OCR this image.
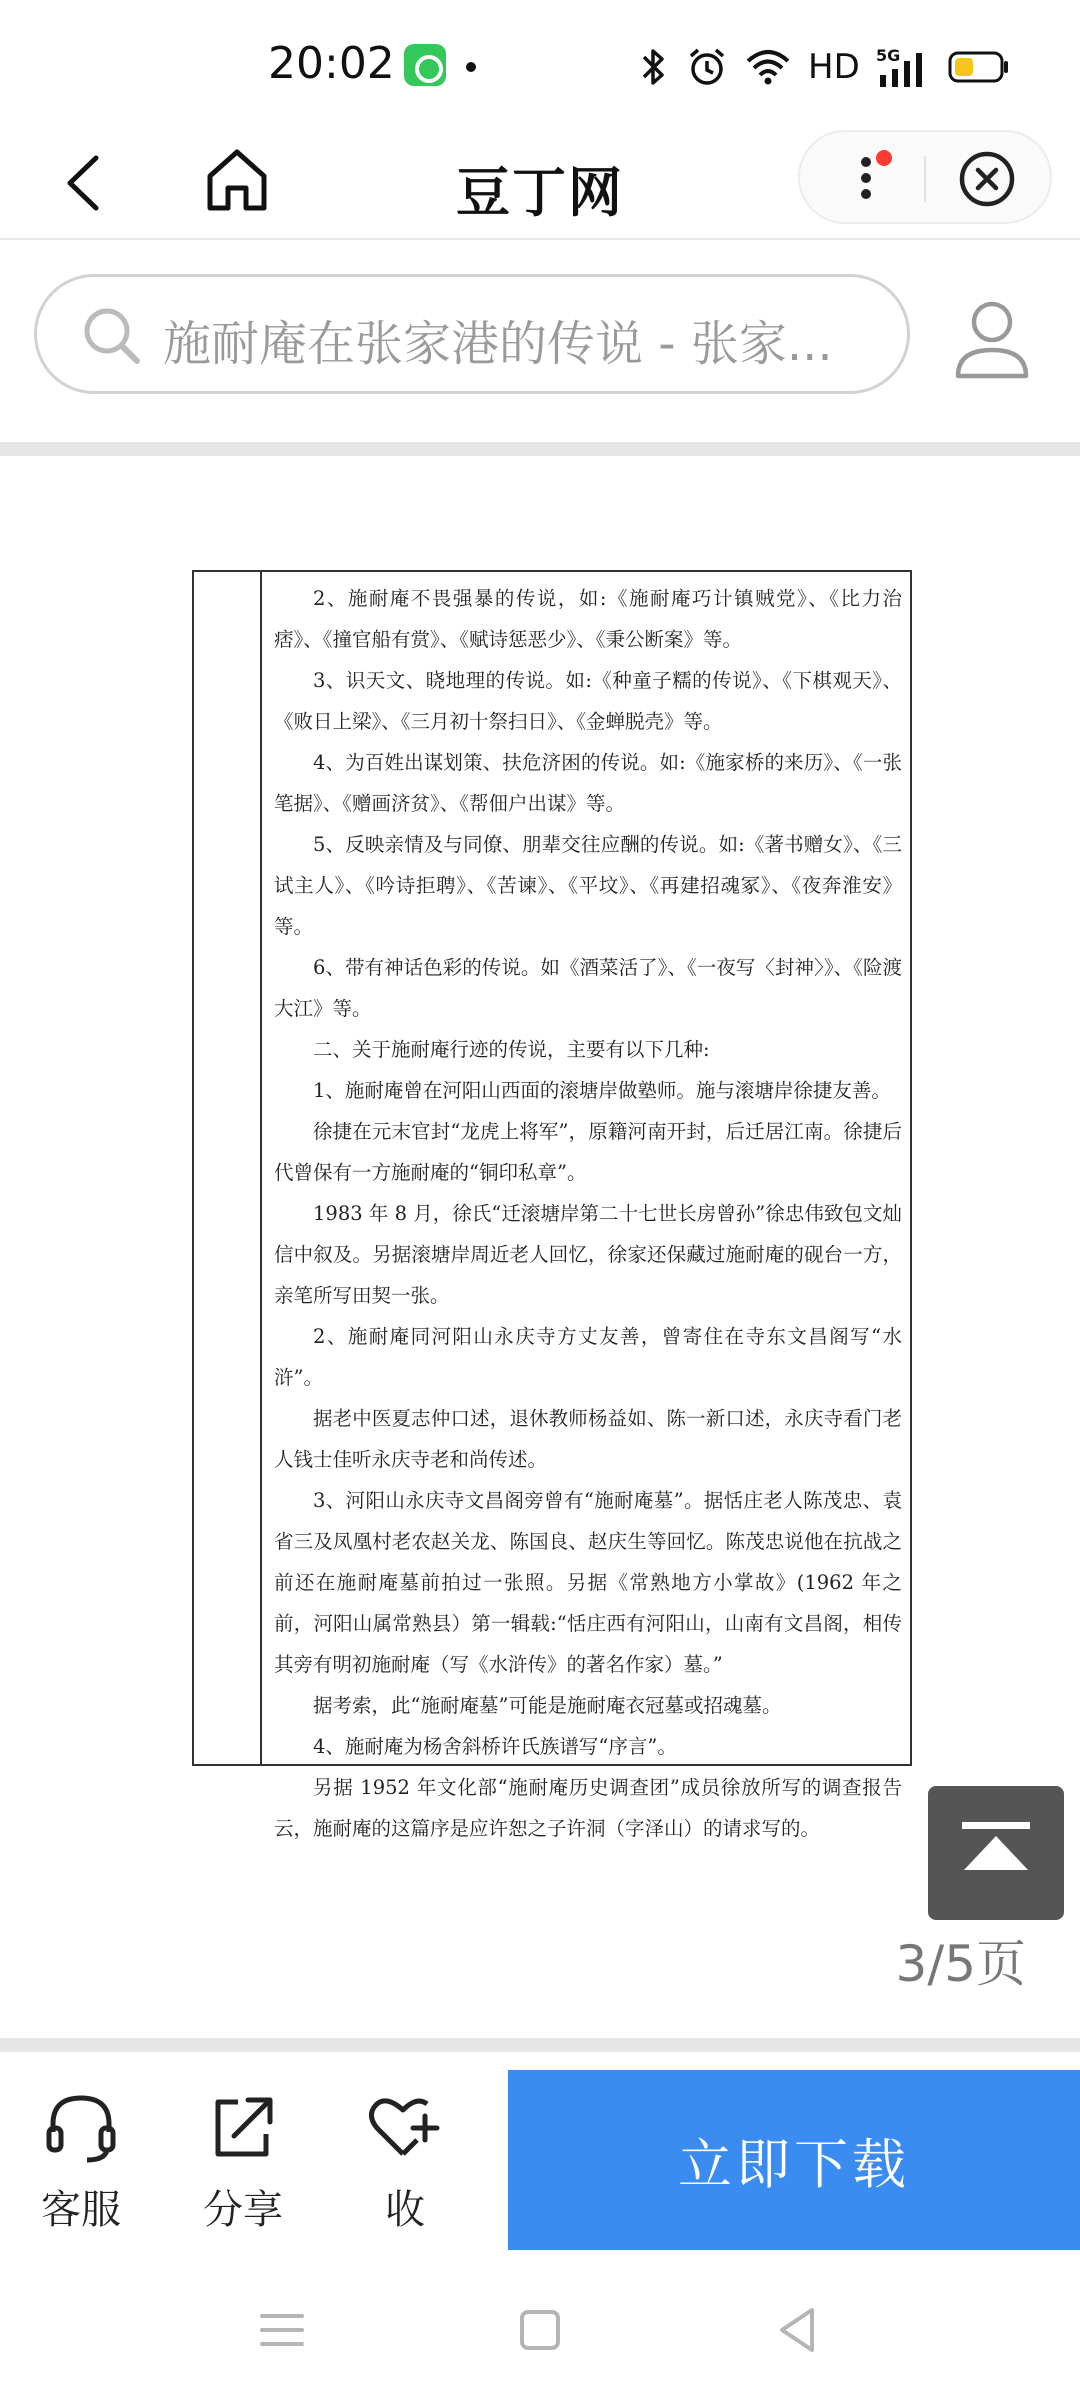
20:02	HD 5G
豆丁网
施耐庵在张家港的传说 - 张家...

2、施耐庵不畏强暴的传说，如:《施耐庵巧计镇贼党》、《比力治痞》、《撞官船有赏》、《赋诗惩恶少》、《秉公断案》等。

3、识天文、晓地理的传说。如:《种童子糯的传说》、《下棋观天》、《败日上梁》、《三月初十祭扫日》、《金蝉脱壳》等。

4、为百姓出谋划策、扶危济困的传说。如:《施家桥的来历》、《一张笔据》、《赠画济贫》、《帮佃户出谋》等。

5、反映亲情及与同僚、朋辈交往应酬的传说。如:《著书赠女》、《三试主人》、《吟诗拒聘》、《苦谏》、《平坟》、《再建招魂冢》、《夜奔淮安》等。

6、带有神话色彩的传说。如《酒菜活了》、《一夜写〈封神〉》、《险渡大江》等。

二、关于施耐庵行迹的传说，主要有以下几种:

1、施耐庵曾在河阳山西面的滚塘岸做塾师。施与滚塘岸徐捷友善。

徐捷在元末官封“龙虎上将军”，原籍河南开封，后迁居江南。徐捷后代曾保有一方施耐庵的“铜印私章”。

1983 年 8 月，徐氏“迁滚塘岸第二十七世长房曾孙”徐忠伟致包文灿信中叙及。另据滚塘岸周近老人回忆，徐家还保藏过施耐庵的砚台一方，亲笔所写田契一张。

2、施耐庵同河阳山永庆寺方丈友善，曾寄住在寺东文昌阁写“水浒”。

据老中医夏志仲口述，退休教师杨益如、陈一新口述，永庆寺看门老人钱士佳听永庆寺老和尚传述。

3、河阳山永庆寺文昌阁旁曾有“施耐庵墓”。据恬庄老人陈茂忠、袁省三及凤凰村老农赵关龙、陈国良、赵庆生等回忆。陈茂忠说他在抗战之前还在施耐庵墓前拍过一张照。另据《常熟地方小掌故》(1962 年之前，河阳山属常熟县）第一辑载:“恬庄西有河阳山，山南有文昌阁，相传其旁有明初施耐庵（写《水浒传》的著名作家）墓。”

据考索，此“施耐庵墓”可能是施耐庵衣冠墓或招魂墓。

4、施耐庵为杨舍斜桥许氏族谱写“序言”。

另据 1952 年文化部“施耐庵历史调查团”成员徐放所写的调查报告云，施耐庵的这篇序是应许恕之子许洞（字泽山）的请求写的。

3/5页
客服	分享	收
立即下载
